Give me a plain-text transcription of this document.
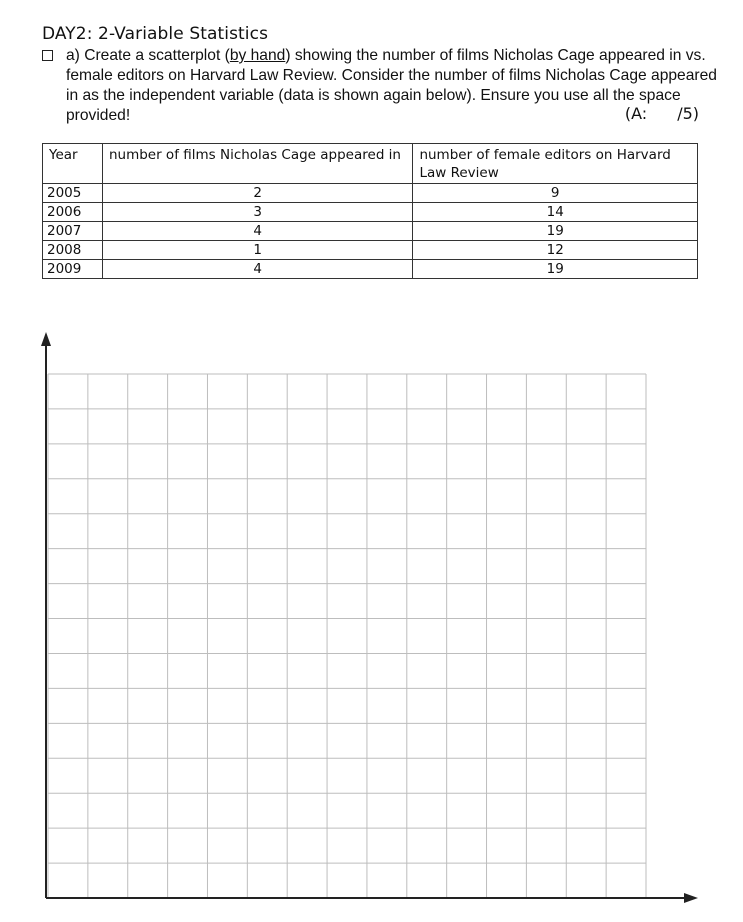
DAY2: 2-Variable Statistics
a) Create a scatterplot (by hand) showing the number of films Nicholas Cage appeared in vs. female editors on Harvard Law Review. Consider the number of films Nicholas Cage appeared in as the independent variable (data is shown again below). Ensure you use all the space provided!	(A: /5)
Year	number of films Nicholas Cage appeared in	number of female editors on Harvard Law Review
2005	2	9
2006	3	14
2007	4	19
2008	1	12
2009	4	19
